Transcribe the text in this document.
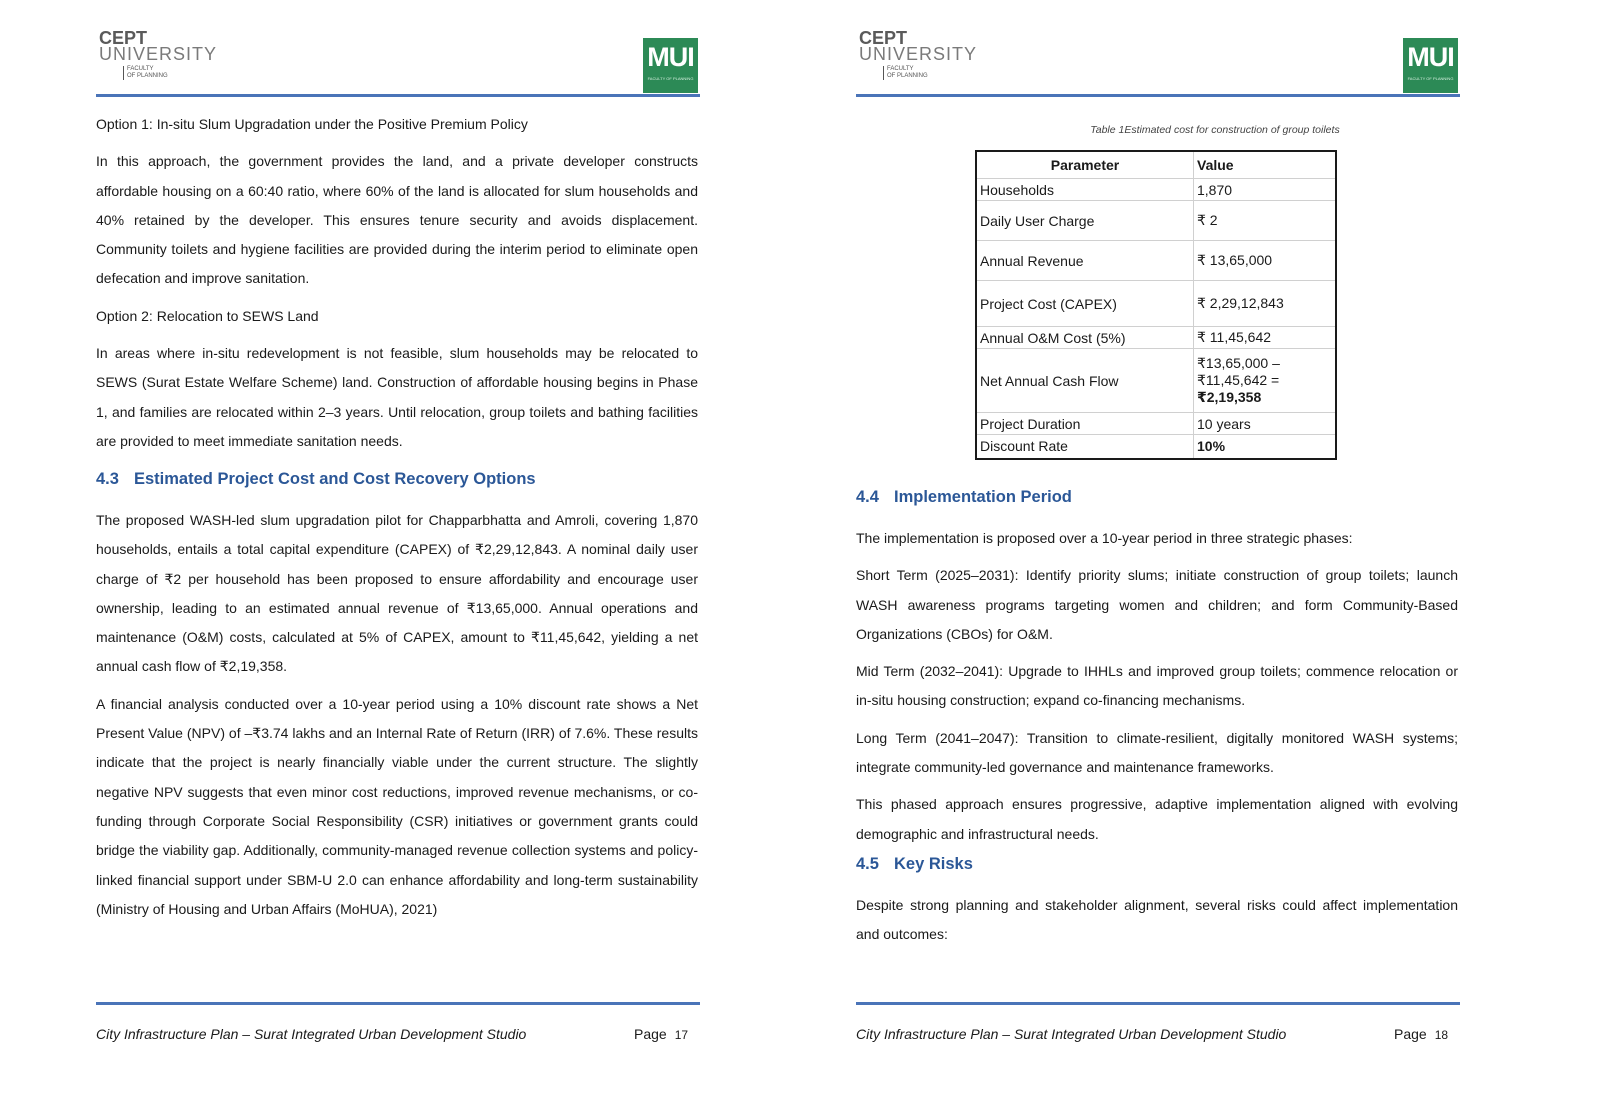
CEPT
UNIVERSITY
FACULTY
OF PLANNING
MUI
FACULTY OF PLANNING

Option 1: In-situ Slum Upgradation under the Positive Premium Policy

In this approach, the government provides the land, and a private developer constructs affordable housing on a 60:40 ratio, where 60% of the land is allocated for slum households and 40% retained by the developer. This ensures tenure security and avoids displacement. Community toilets and hygiene facilities are provided during the interim period to eliminate open defecation and improve sanitation.

Option 2: Relocation to SEWS Land

In areas where in-situ redevelopment is not feasible, slum households may be relocated to SEWS (Surat Estate Welfare Scheme) land. Construction of affordable housing begins in Phase 1, and families are relocated within 2–3 years. Until relocation, group toilets and bathing facilities are provided to meet immediate sanitation needs.

4.3 Estimated Project Cost and Cost Recovery Options

The proposed WASH-led slum upgradation pilot for Chapparbhatta and Amroli, covering 1,870 households, entails a total capital expenditure (CAPEX) of ₹2,29,12,843. A nominal daily user charge of ₹2 per household has been proposed to ensure affordability and encourage user ownership, leading to an estimated annual revenue of ₹13,65,000. Annual operations and maintenance (O&M) costs, calculated at 5% of CAPEX, amount to ₹11,45,642, yielding a net annual cash flow of ₹2,19,358.

A financial analysis conducted over a 10-year period using a 10% discount rate shows a Net Present Value (NPV) of –₹3.74 lakhs and an Internal Rate of Return (IRR) of 7.6%. These results indicate that the project is nearly financially viable under the current structure. The slightly negative NPV suggests that even minor cost reductions, improved revenue mechanisms, or co-funding through Corporate Social Responsibility (CSR) initiatives or government grants could bridge the viability gap. Additionally, community-managed revenue collection systems and policy-linked financial support under SBM-U 2.0 can enhance affordability and long-term sustainability (Ministry of Housing and Urban Affairs (MoHUA), 2021)

City Infrastructure Plan – Surat Integrated Urban Development Studio	Page 17
CEPT
UNIVERSITY
FACULTY
OF PLANNING
MUI
FACULTY OF PLANNING
Table 1Estimated cost for construction of group toilets
Parameter	Value
Households	1,870
Daily User Charge	₹ 2
Annual Revenue	₹ 13,65,000
Project Cost (CAPEX)	₹ 2,29,12,843
Annual O&M Cost (5%)	₹ 11,45,642
Net Annual Cash Flow	₹13,65,000 –
₹11,45,642 =
₹2,19,358
Project Duration	10 years
Discount Rate	10%
4.4 Implementation Period

The implementation is proposed over a 10-year period in three strategic phases:

Short Term (2025–2031): Identify priority slums; initiate construction of group toilets; launch WASH awareness programs targeting women and children; and form Community-Based Organizations (CBOs) for O&M.

Mid Term (2032–2041): Upgrade to IHHLs and improved group toilets; commence relocation or in-situ housing construction; expand co-financing mechanisms.

Long Term (2041–2047): Transition to climate-resilient, digitally monitored WASH systems; integrate community-led governance and maintenance frameworks.

This phased approach ensures progressive, adaptive implementation aligned with evolving demographic and infrastructural needs.

4.5 Key Risks

Despite strong planning and stakeholder alignment, several risks could affect implementation and outcomes:

City Infrastructure Plan – Surat Integrated Urban Development Studio	Page 18
